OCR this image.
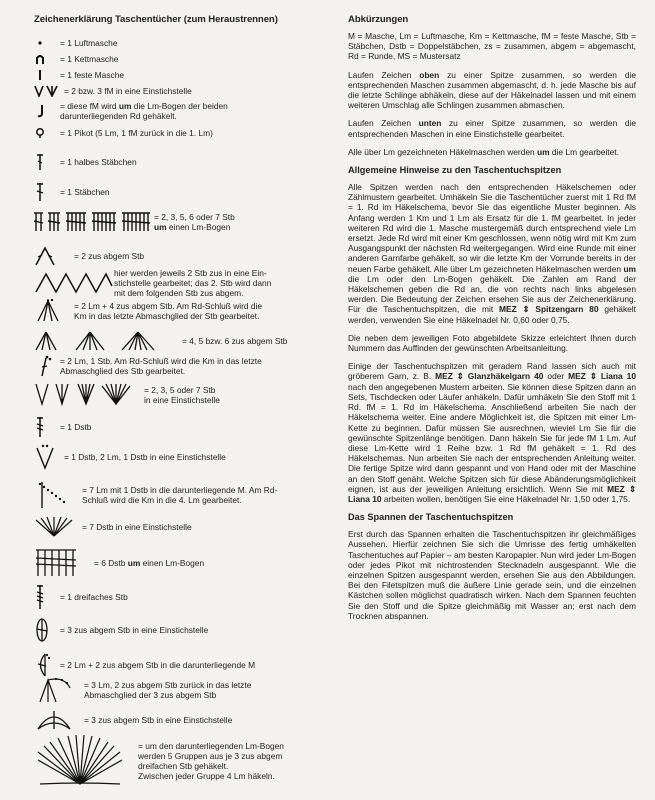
Zeichenerklärung Taschentücher (zum Heraustrennen)
= 1 Luftmasche
= 1 Kettmasche
= 1 feste Masche
= 2 bzw. 3 fM in eine Einstichstelle
= diese fM wird um die Lm-Bogen der beiden
darunterliegenden Rd gehäkelt.
= 1 Pikot (5 Lm, 1 fM zurück in die 1. Lm)
= 1 halbes Stäbchen
= 1 Stäbchen
= 2, 3, 5, 6 oder 7 Stb
um einen Lm-Bogen
= 2 zus abgem Stb
hier werden jeweils 2 Stb zus in eine Ein-
stichstelle gearbeitet; das 2. Stb wird dann
mit dem folgenden Stb zus abgem.
= 2 Lm + 4 zus abgem Stb. Am Rd-Schluß wird die
Km in das letzte Abmaschglied der Stb gearbeitet.
= 4, 5 bzw. 6 zus abgem Stb
= 2 Lm, 1 Stb. Am Rd-Schluß wird die Km in das letzte
Abmaschglied des Stb gearbeitet.
= 2, 3, 5 oder 7 Stb
in eine Einstichstelle
= 1 Dstb
= 1 Dstb, 2 Lm, 1 Dstb in eine Einstichstelle
= 7 Lm mit 1 Dstb in die darunterliegende M. Am Rd-
Schluß wird die Km in die 4. Lm gearbeitet.
= 7 Dstb in eine Einstichstelle
= 6 Dstb um einen Lm-Bogen
= 1 dreifaches Stb
= 3 zus abgem Stb in eine Einstichstelle
= 2 Lm + 2 zus abgem Stb in die darunterliegende M
= 3 Lm, 2 zus abgem Stb zurück in das letzte
Abmaschglied der 3 zus abgem Stb
= 3 zus abgem Stb in eine Einstichstelle
= um den darunterliegenden Lm-Bogen
werden 5 Gruppen aus je 3 zus abgem
dreifachen Stb gehäkelt.
Zwischen jeder Gruppe 4 Lm häkeln.
Abkürzungen

M = Masche, Lm = Luftmasche, Km = Kettmasche, fM = feste Masche, Stb = Stäbchen, Dstb = Doppelstäbchen, zs = zusammen, abgem = abgemascht, Rd = Runde, MS = Mustersatz

Laufen Zeichen oben zu einer Spitze zusammen, so werden die entsprechenden Maschen zusammen abgemascht, d. h. jede Masche bis auf die letzte Schlinge abhäkeln, diese auf der Häkelnadel lassen und mit einem weiteren Umschlag alle Schlingen zusammen abmaschen.

Laufen Zeichen unten zu einer Spitze zusammen, so werden die entsprechenden Maschen in eine Einstichstelle gearbeitet.

Alle über Lm gezeichneten Häkelmaschen werden um die Lm gearbeitet.

Allgemeine Hinweise zu den Taschentuchspitzen

Alle Spitzen werden nach den entsprechenden Häkelschemen oder Zählmustern gearbeitet. Umhäkeln Sie die Taschentücher zuerst mit 1 Rd fM = 1. Rd im Häkelschema, bevor Sie das eigentliche Muster beginnen. Als Anfang werden 1 Km und 1 Lm als Ersatz für die 1. fM gearbeitet. In jeder weiteren Rd wird die 1. Masche mustergemäß durch entsprechend viele Lm ersetzt. Jede Rd wird mit einer Km geschlossen, wenn nötig wird mit Km zum Ausgangspunkt der nächsten Rd weitergegangen. Wird eine Runde mit einer anderen Garnfarbe gehäkelt, so wir die letzte Km der Vorrunde bereits in der neuen Farbe gehäkelt. Alle über Lm gezeichneten Häkelmaschen werden um die Lm oder den Lm-Bogen gehäkelt. Die Zahlen am Rand der Häkelschemen geben die Rd an, die von rechts nach links abgelesen werden. Die Bedeutung der Zeichen ersehen Sie aus der Zeichenerklärung. Für die Taschentuchspitzen, die mit MEZ ⇕ Spitzengarn 80 gehäkelt werden, verwenden Sie eine Häkelnadel Nr. 0,60 oder 0,75.

Die neben dem jeweiligen Foto abgebildete Skizze erleichtert Ihnen durch Nummern das Auffinden der gewünschten Arbeitsanleitung.

Einige der Taschentuchspitzen mit geradem Rand lassen sich auch mit gröberem Garn, z. B. MEZ ⇕ Glanzhäkelgarn 40 oder MEZ ⇕ Liana 10 nach den angegebenen Mustern arbeiten. Sie können diese Spitzen dann an Sets, Tischdecken oder Läufer anhäkeln. Dafür umhäkeln Sie den Stoff mit 1 Rd. fM = 1. Rd im Häkelschema. Anschließend arbeiten Sie nach der Häkelschema weiter. Eine andere Möglichkeit ist, die Spitzen mit einer Lm-Kette zu beginnen. Dafür müssen Sie ausrechnen, wieviel Lm Sie für die gewünschte Spitzenlänge benötigen. Dann häkeln Sie für jede fM 1 Lm. Auf diese Lm-Kette wird 1 Reihe bzw. 1 Rd fM gehäkelt = 1. Rd des Häkelschemas. Nun arbeiten Sie nach der entsprechenden Anleitung weiter. Die fertige Spitze wird dann gespannt und von Hand oder mit der Maschine an den Stoff genäht. Welche Spitzen sich für diese Abänderungsmöglichkeit eignen, ist aus der jeweiligen Anleitung ersichtlich. Wenn Sie mit MEZ ⇕ Liana 10 arbeiten wollen, benötigen Sie eine Häkelnadel Nr. 1,50 oder 1,75.

Das Spannen der Taschentuchspitzen

Erst durch das Spannen erhalten die Taschentuchspitzen ihr gleichmäßiges Aussehen. Hierfür zeichnen Sie sich die Umrisse des fertig umhäkelten Taschentuches auf Papier – am besten Karopapier. Nun wird jeder Lm-Bogen oder jedes Pikot mit nichtrostenden Stecknadeln ausgespannt. Wie die einzelnen Spitzen ausgespannt werden, ersehen Sie aus den Abbildungen. Bei den Filetspitzen muß die äußere Linie gerade sein, und die einzelnen Kästchen sollen möglichst quadratisch wirken. Nach dem Spannen feuchten Sie den Stoff und die Spitze gleichmäßig mit Wasser an; erst nach dem Trocknen abspannen.
